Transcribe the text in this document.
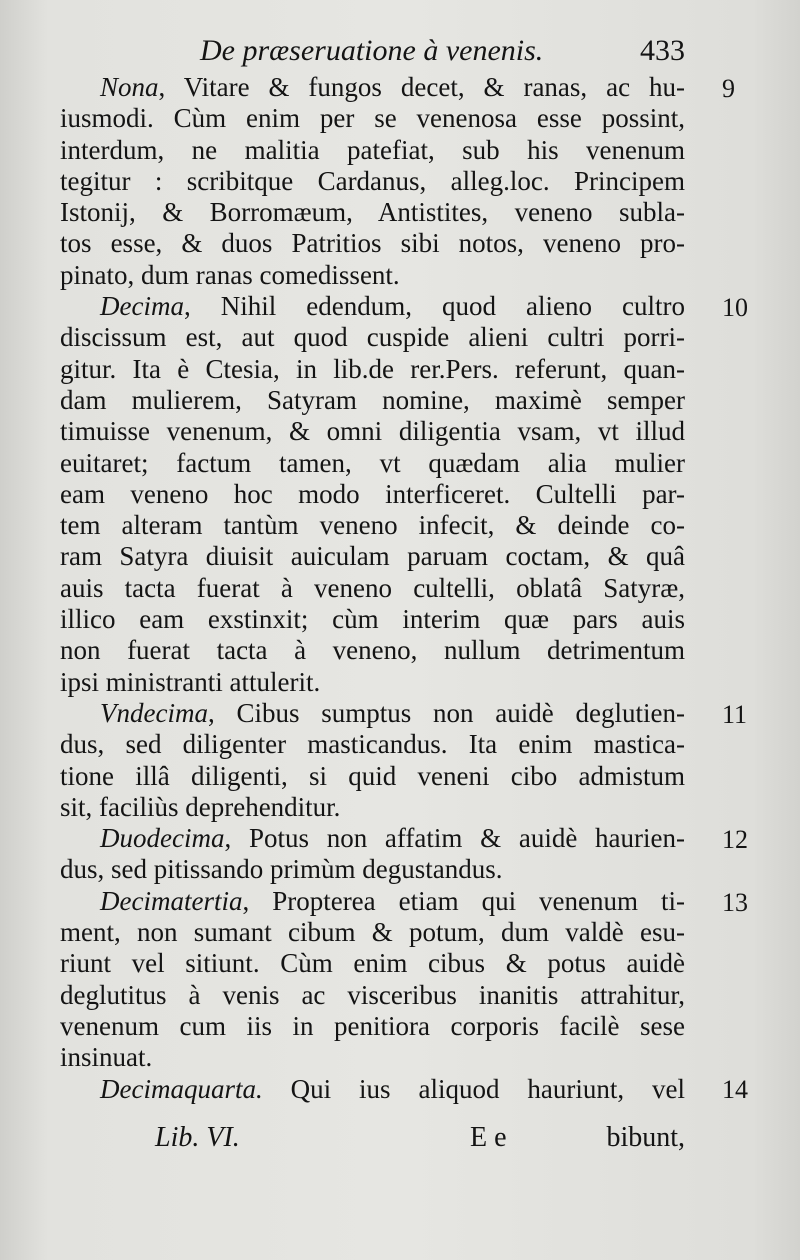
De præseruatione à venenis.	433
Nona, Vitare & fungos decet, & ranas, ac hu-
iusmodi. Cùm enim per se venenosa esse possint,
interdum, ne malitia patefiat, sub his venenum
tegitur : scribitque Cardanus, alleg.loc. Principem
Istonij, & Borromæum, Antistites, veneno subla-
tos esse, & duos Patritios sibi notos, veneno pro-
pinato, dum ranas comedissent.
Decima, Nihil edendum, quod alieno cultro
discissum est, aut quod cuspide alieni cultri porri-
gitur. Ita è Ctesia, in lib.de rer.Pers. referunt, quan-
dam mulierem, Satyram nomine, maximè semper
timuisse venenum, & omni diligentia vsam, vt illud
euitaret; factum tamen, vt quædam alia mulier
eam veneno hoc modo interficeret. Cultelli par-
tem alteram tantùm veneno infecit, & deinde co-
ram Satyra diuisit auiculam paruam coctam, & quâ
auis tacta fuerat à veneno cultelli, oblatâ Satyræ,
illico eam exstinxit; cùm interim quæ pars auis
non fuerat tacta à veneno, nullum detrimentum
ipsi ministranti attulerit.
Vndecima, Cibus sumptus non auidè deglutien-
dus, sed diligenter masticandus. Ita enim mastica-
tione illâ diligenti, si quid veneni cibo admistum
sit, faciliùs deprehenditur.
Duodecima, Potus non affatim & auidè haurien-
dus, sed pitissando primùm degustandus.
Decimatertia, Propterea etiam qui venenum ti-
ment, non sumant cibum & potum, dum valdè esu-
riunt vel sitiunt. Cùm enim cibus & potus auidè
deglutitus à venis ac visceribus inanitis attrahitur,
venenum cum iis in penitiora corporis facilè sese
insinuat.
Decimaquarta. Qui ius aliquod hauriunt, vel
9
10
11
12
13
14
Lib. VI.	E e	bibunt,
